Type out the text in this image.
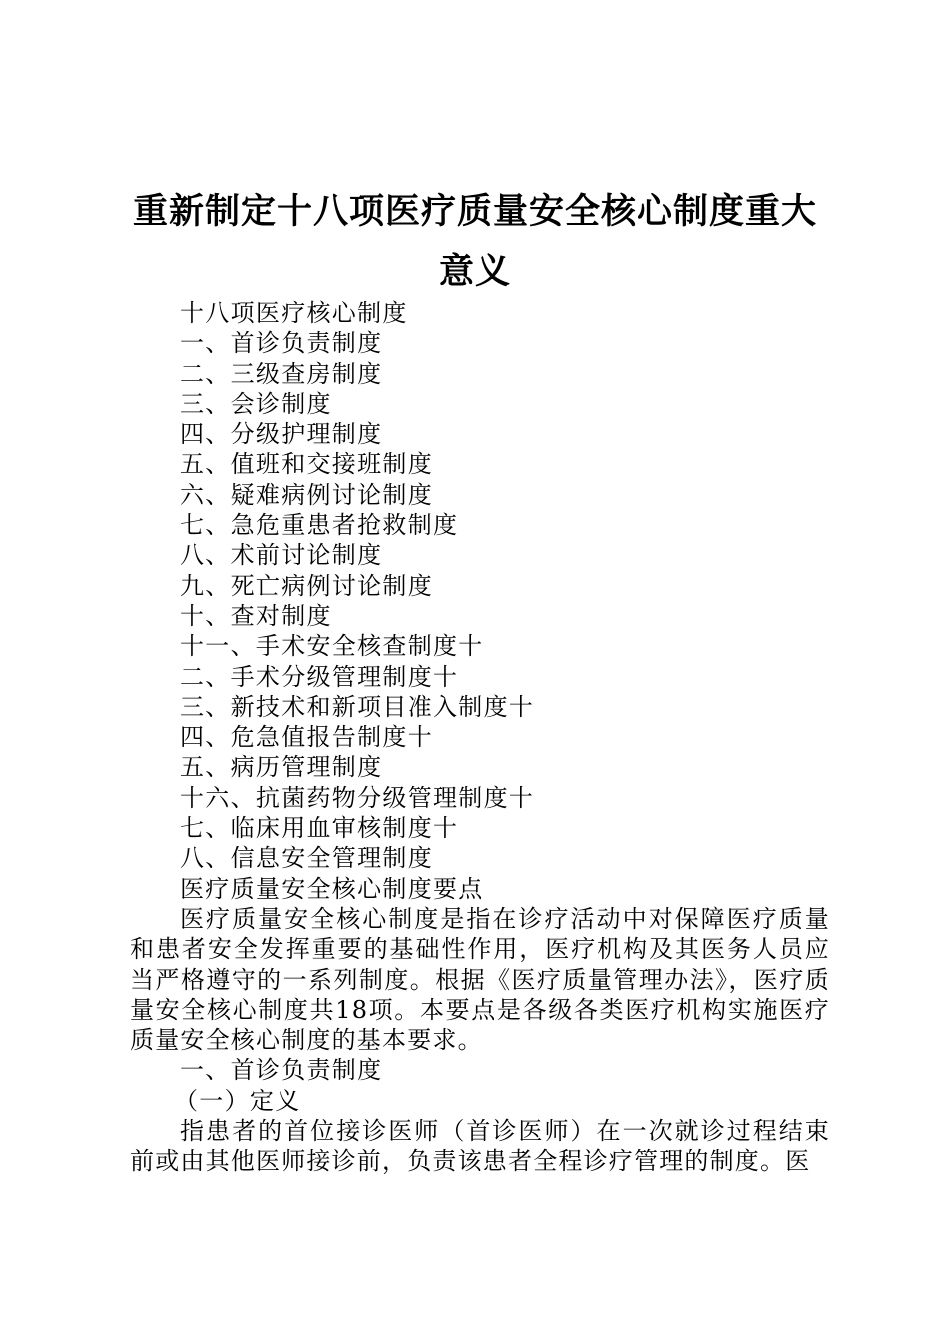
重新制定十八项医疗质量安全核心制度重大意义
十八项医疗核心制度
一、首诊负责制度
二、三级查房制度
三、会诊制度
四、分级护理制度
五、值班和交接班制度
六、疑难病例讨论制度
七、急危重患者抢救制度
八、术前讨论制度
九、死亡病例讨论制度
十、查对制度
十一、手术安全核查制度十
二、手术分级管理制度十
三、新技术和新项目准入制度十
四、危急值报告制度十
五、病历管理制度
十六、抗菌药物分级管理制度十
七、临床用血审核制度十
八、信息安全管理制度
医疗质量安全核心制度要点
医疗质量安全核心制度是指在诊疗活动中对保障医疗质量和患者安全发挥重要的基础性作用，医疗机构及其医务人员应当严格遵守的一系列制度。根据《医疗质量管理办法》，医疗质量安全核心制度共18项。本要点是各级各类医疗机构实施医疗质量安全核心制度的基本要求。
一、首诊负责制度
（一）定义
指患者的首位接诊医师（首诊医师）在一次就诊过程结束前或由其他医师接诊前，负责该患者全程诊疗管理的制度。医
